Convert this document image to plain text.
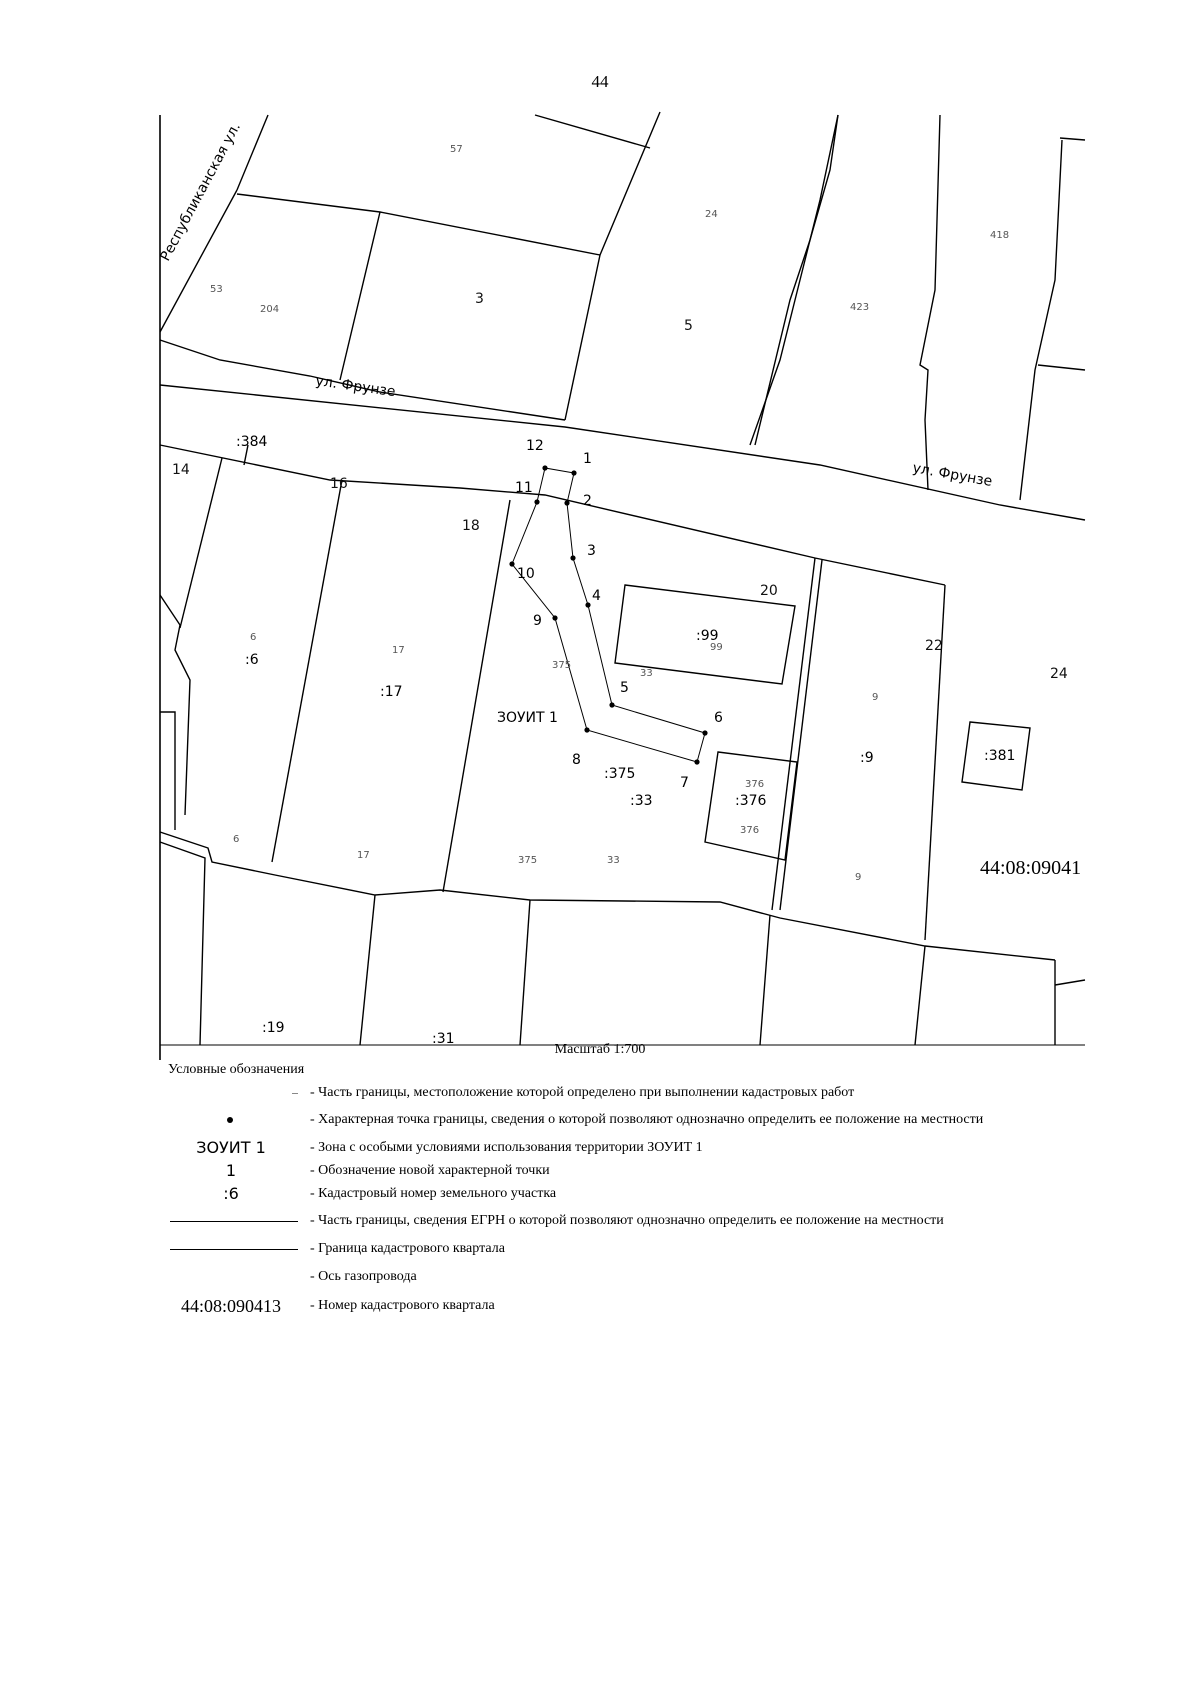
44
Республиканская ул.
ул. Фрунзе
ул. Фрунзе
57
24
53
204	423
418
6
6
17
17
375
375
33
33
376
376
9
9
99
3
5
14
16
18
20
22
24
:384
:6
:17
:99
:375
:33	:376
:9	:381
:19
:31
ЗОУИТ 1
44:08:09041
1
2
3
4
5
6
7
8
9
10
11
12
Масштаб 1:700
Условные обозначения
- Часть границы, местоположение которой определено при выполнении кадастровых работ
- Характерная точка границы, сведения о которой позволяют однозначно определить ее положение на местности
ЗОУИТ 1	- Зона с особыми условиями использования территории ЗОУИТ 1
1	- Обозначение новой характерной точки
:6	- Кадастровый номер земельного участка
- Часть границы, сведения ЕГРН о которой позволяют однозначно определить ее положение на местности
- Граница кадастрового квартала
- Ось газопровода
44:08:090413	- Номер кадастрового квартала
